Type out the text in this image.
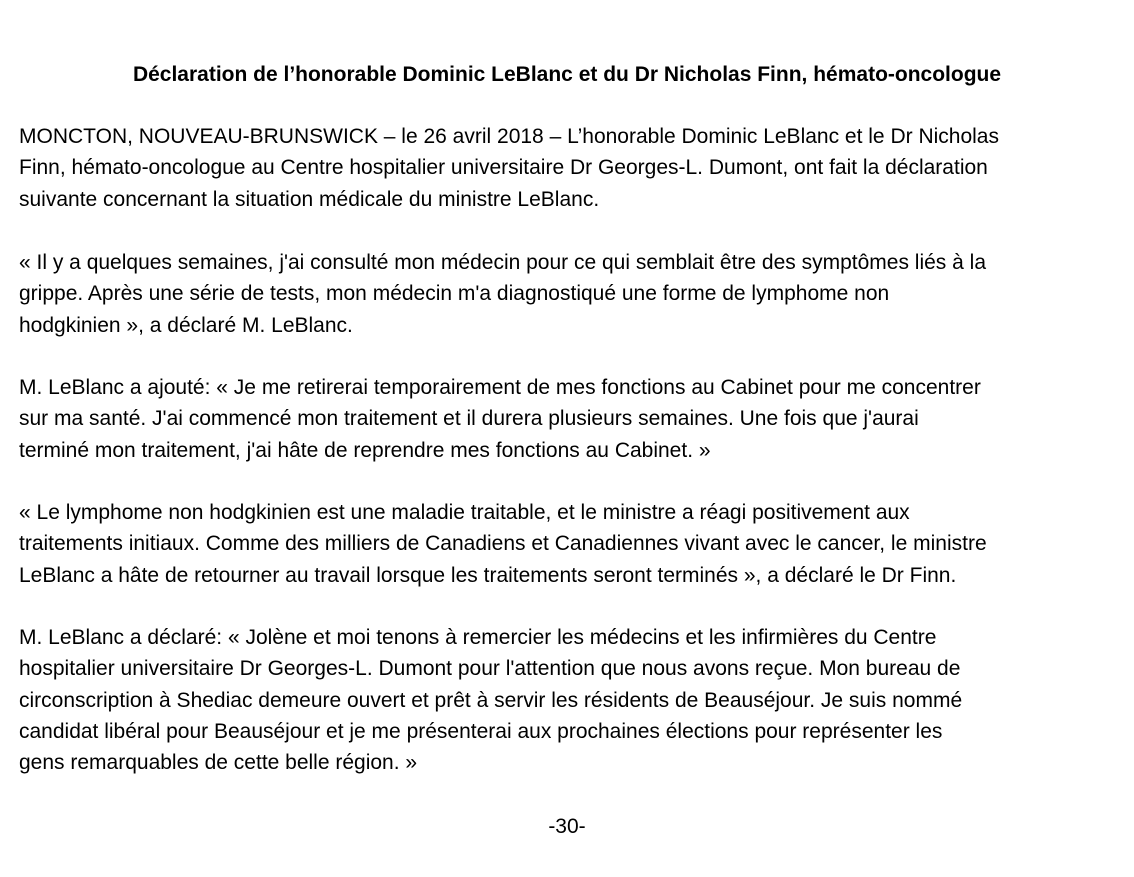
Déclaration de l’honorable Dominic LeBlanc et du Dr Nicholas Finn, hémato-oncologue

MONCTON, NOUVEAU-BRUNSWICK – le 26 avril 2018 – L’honorable Dominic LeBlanc et le Dr Nicholas
Finn, hémato-oncologue au Centre hospitalier universitaire Dr Georges-L. Dumont, ont fait la déclaration
suivante concernant la situation médicale du ministre LeBlanc.

« Il y a quelques semaines, j'ai consulté mon médecin pour ce qui semblait être des symptômes liés à la
grippe. Après une série de tests, mon médecin m'a diagnostiqué une forme de lymphome non
hodgkinien », a déclaré M. LeBlanc.

M. LeBlanc a ajouté: « Je me retirerai temporairement de mes fonctions au Cabinet pour me concentrer
sur ma santé. J'ai commencé mon traitement et il durera plusieurs semaines. Une fois que j'aurai
terminé mon traitement, j'ai hâte de reprendre mes fonctions au Cabinet. »

« Le lymphome non hodgkinien est une maladie traitable, et le ministre a réagi positivement aux
traitements initiaux. Comme des milliers de Canadiens et Canadiennes vivant avec le cancer, le ministre
LeBlanc a hâte de retourner au travail lorsque les traitements seront terminés », a déclaré le Dr Finn.

M. LeBlanc a déclaré: « Jolène et moi tenons à remercier les médecins et les infirmières du Centre
hospitalier universitaire Dr Georges-L. Dumont pour l'attention que nous avons reçue. Mon bureau de
circonscription à Shediac demeure ouvert et prêt à servir les résidents de Beauséjour. Je suis nommé
candidat libéral pour Beauséjour et je me présenterai aux prochaines élections pour représenter les
gens remarquables de cette belle région. »

-30-
